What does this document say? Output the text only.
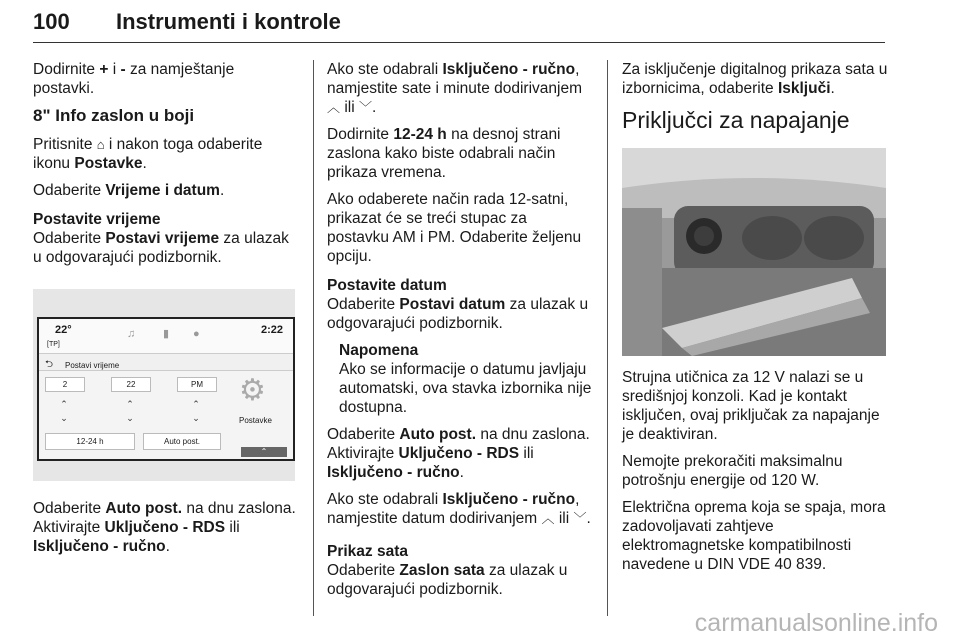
100 Instrumenti i kontrole

Dodirnite + i - za namještanje postavki.

8" Info zaslon u boji

Pritisnite ⌂ i nakon toga odaberite ikonu Postavke.

Odaberite Vrijeme i datum.

Postavite vrijeme

Odaberite Postavi vrijeme za ulazak u odgovarajući podizbornik.

22°
[TP]
♫	▮ ●	2:22
⮌ Postavi vrijeme
2	22	PM
⌃	⌃	⌃
⌄	⌄	⌄
12-24 h	Auto post.
⚙
Postavke
⌃

Odaberite Auto post. na dnu zaslona. Aktivirajte Uključeno - RDS ili Isključeno - ručno.

Ako ste odabrali Isključeno - ručno, namjestite sate i minute dodirivanjem ︿ ili ﹀.

Dodirnite 12-24 h na desnoj strani zaslona kako biste odabrali način prikaza vremena.

Ako odaberete način rada 12-satni, prikazat će se treći stupac za postavku AM i PM. Odaberite željenu opciju.

Postavite datum

Odaberite Postavi datum za ulazak u odgovarajući podizbornik.

Napomena
Ako se informacije o datumu javljaju automatski, ova stavka izbornika nije dostupna.

Odaberite Auto post. na dnu zaslona. Aktivirajte Uključeno - RDS ili Isključeno - ručno.

Ako ste odabrali Isključeno - ručno, namjestite datum dodirivanjem ︿ ili ﹀.

Prikaz sata

Odaberite Zaslon sata za ulazak u odgovarajući podizbornik.

Za isključenje digitalnog prikaza sata u izbornicima, odaberite Isključi.

Priključci za napajanje

Strujna utičnica za 12 V nalazi se u središnjoj konzoli. Kad je kontakt isključen, ovaj priključak za napajanje je deaktiviran.

Nemojte prekoračiti maksimalnu potrošnju energije od 120 W.

Električna oprema koja se spaja, mora zadovoljavati zahtjeve elektromagnetske kompatibilnosti navedene u DIN VDE 40 839.

carmanualsonline.info
